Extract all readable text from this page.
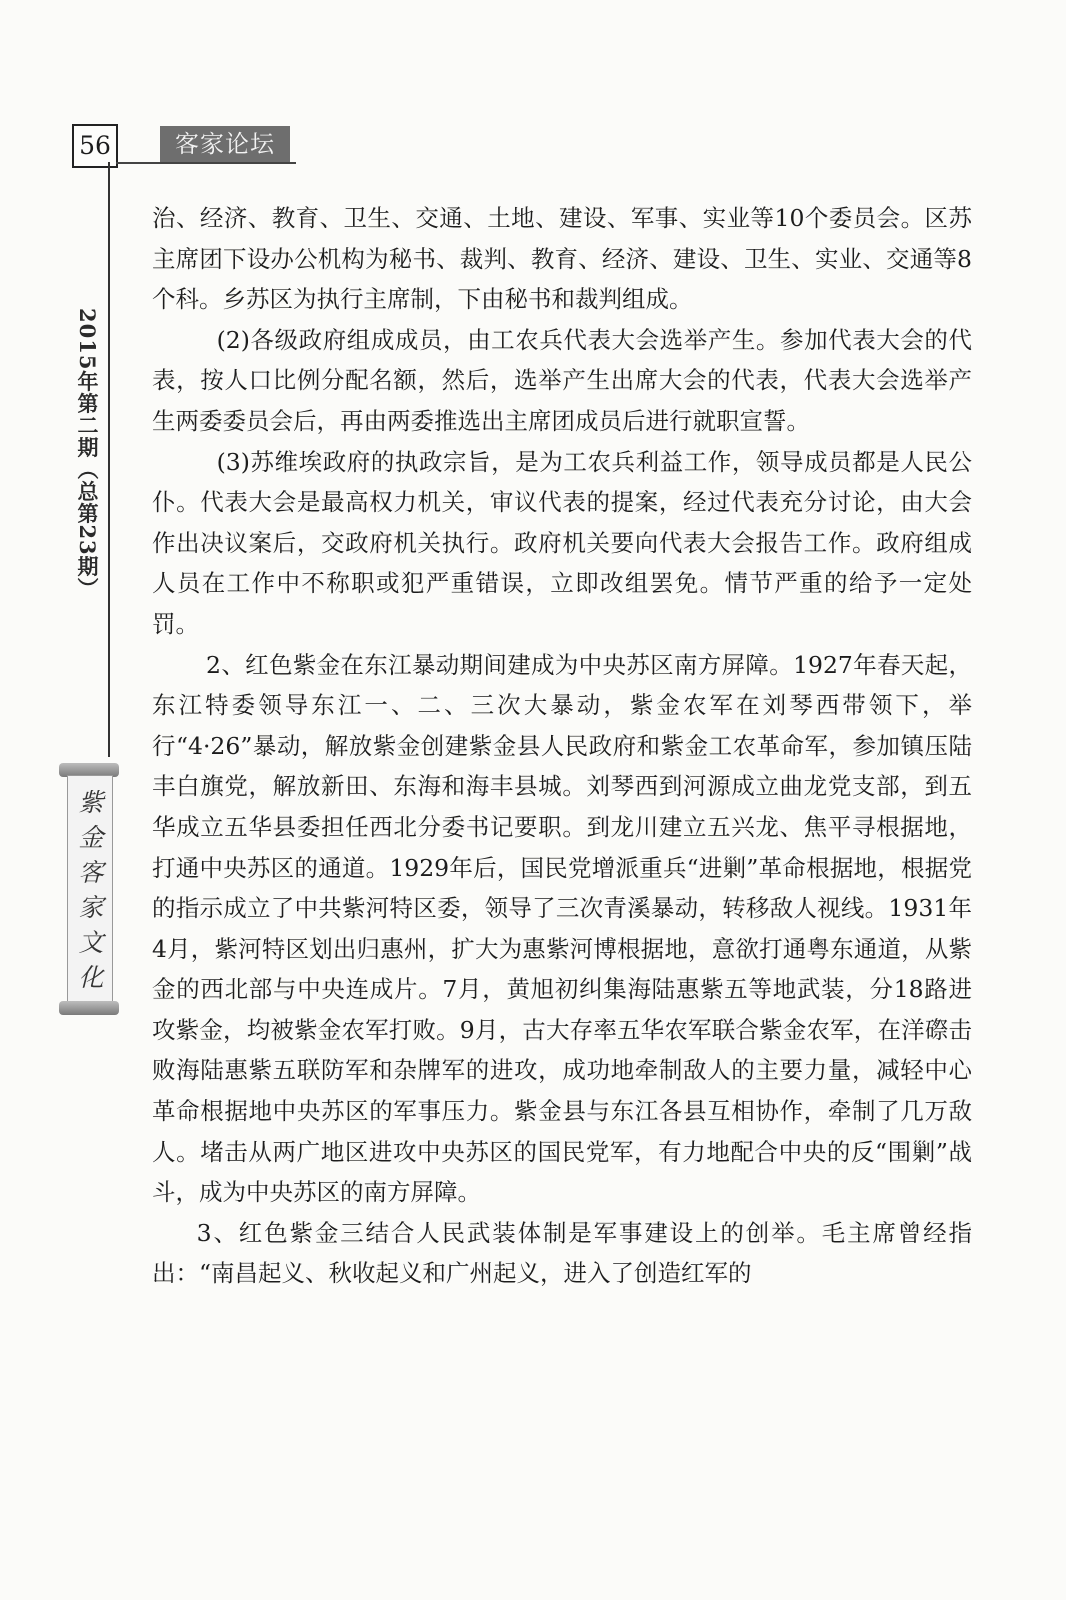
56	客家论坛
2015年第二期（总第23期）
紫金客家文化

治、经济、教育、卫生、交通、土地、建设、军事、实业等10个委员会。区苏主席团下设办公机构为秘书、裁判、教育、经济、建设、卫生、实业、交通等8个科。乡苏区为执行主席制，下由秘书和裁判组成。

(2)各级政府组成成员，由工农兵代表大会选举产生。参加代表大会的代表，按人口比例分配名额，然后，选举产生出席大会的代表，代表大会选举产生两委委员会后，再由两委推选出主席团成员后进行就职宣誓。

(3)苏维埃政府的执政宗旨，是为工农兵利益工作，领导成员都是人民公仆。代表大会是最高权力机关，审议代表的提案，经过代表充分讨论，由大会作出决议案后，交政府机关执行。政府机关要向代表大会报告工作。政府组成人员在工作中不称职或犯严重错误，立即改组罢免。情节严重的给予一定处罚。

2、红色紫金在东江暴动期间建成为中央苏区南方屏障。1927年春天起，东江特委领导东江一、二、三次大暴动，紫金农军在刘琴西带领下，举行“4·26”暴动，解放紫金创建紫金县人民政府和紫金工农革命军，参加镇压陆丰白旗党，解放新田、东海和海丰县城。刘琴西到河源成立曲龙党支部，到五华成立五华县委担任西北分委书记要职。到龙川建立五兴龙、焦平寻根据地，打通中央苏区的通道。1929年后，国民党增派重兵“进剿”革命根据地，根据党的指示成立了中共紫河特区委，领导了三次青溪暴动，转移敌人视线。1931年4月，紫河特区划出归惠州，扩大为惠紫河博根据地，意欲打通粤东通道，从紫金的西北部与中央连成片。7月，黄旭初纠集海陆惠紫五等地武装，分18路进攻紫金，均被紫金农军打败。9月，古大存率五华农军联合紫金农军，在洋磜击败海陆惠紫五联防军和杂牌军的进攻，成功地牵制敌人的主要力量，减轻中心革命根据地中央苏区的军事压力。紫金县与东江各县互相协作，牵制了几万敌人。堵击从两广地区进攻中央苏区的国民党军，有力地配合中央的反“围剿”战斗，成为中央苏区的南方屏障。

3、红色紫金三结合人民武装体制是军事建设上的创举。毛主席曾经指出：“南昌起义、秋收起义和广州起义，进入了创造红军的
